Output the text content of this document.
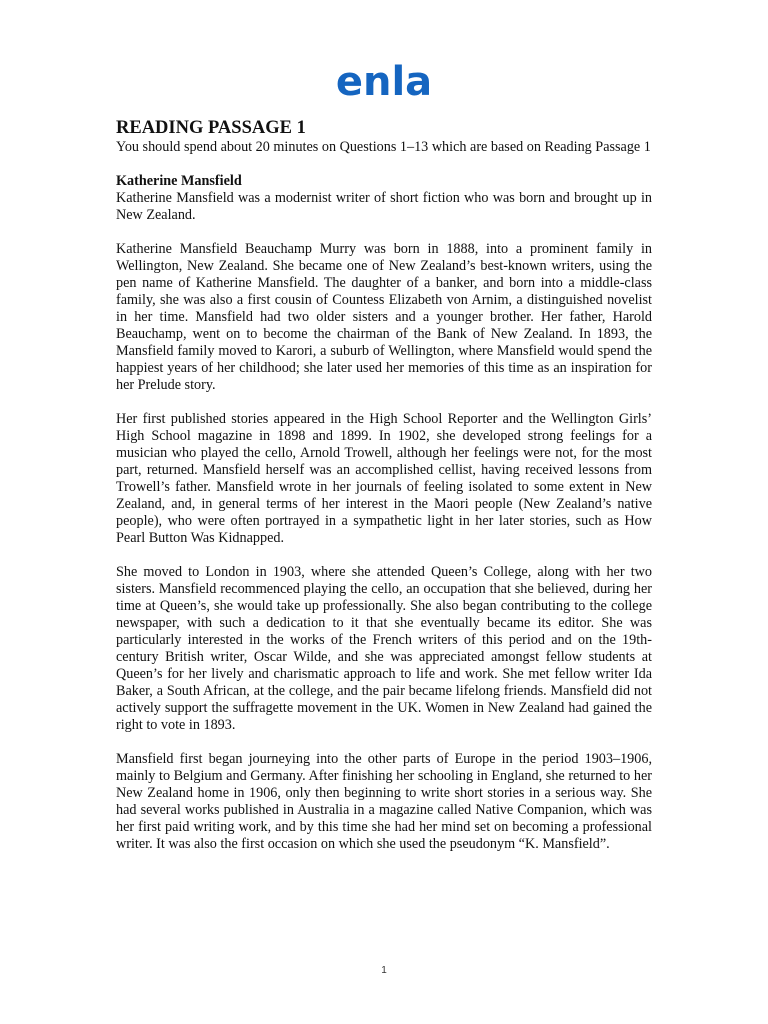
enla
READING PASSAGE 1

You should spend about 20 minutes on Questions 1–13 which are based on Reading Passage 1

Katherine Mansfield

Katherine Mansfield was a modernist writer of short fiction who was born and brought up in New Zealand.

Katherine Mansfield Beauchamp Murry was born in 1888, into a prominent family in Wellington, New Zealand. She became one of New Zealand’s best-known writers, using the pen name of Katherine Mansfield. The daughter of a banker, and born into a middle-class family, she was also a first cousin of Countess Elizabeth von Arnim, a distinguished novelist in her time. Mansfield had two older sisters and a younger brother. Her father, Harold Beauchamp, went on to become the chairman of the Bank of New Zealand. In 1893, the Mansfield family moved to Karori, a suburb of Wellington, where Mansfield would spend the happiest years of her childhood; she later used her memories of this time as an inspiration for her Prelude story.

Her first published stories appeared in the High School Reporter and the Wellington Girls’ High School magazine in 1898 and 1899. In 1902, she developed strong feelings for a musician who played the cello, Arnold Trowell, although her feelings were not, for the most part, returned. Mansfield herself was an accomplished cellist, having received lessons from Trowell’s father. Mansfield wrote in her journals of feeling isolated to some extent in New Zealand, and, in general terms of her interest in the Maori people (New Zealand’s native people), who were often portrayed in a sympathetic light in her later stories, such as How Pearl Button Was Kidnapped.

She moved to London in 1903, where she attended Queen’s College, along with her two sisters. Mansfield recommenced playing the cello, an occupation that she believed, during her time at Queen’s, she would take up professionally. She also began contributing to the college newspaper, with such a dedication to it that she eventually became its editor. She was particularly interested in the works of the French writers of this period and on the 19th-century British writer, Oscar Wilde, and she was appreciated amongst fellow students at Queen’s for her lively and charismatic approach to life and work. She met fellow writer Ida Baker, a South African, at the college, and the pair became lifelong friends. Mansfield did not actively support the suffragette movement in the UK. Women in New Zealand had gained the right to vote in 1893.

Mansfield first began journeying into the other parts of Europe in the period 1903–1906, mainly to Belgium and Germany. After finishing her schooling in England, she returned to her New Zealand home in 1906, only then beginning to write short stories in a serious way. She had several works published in Australia in a magazine called Native Companion, which was her first paid writing work, and by this time she had her mind set on becoming a professional writer. It was also the first occasion on which she used the pseudonym “K. Mansfield”.

1
